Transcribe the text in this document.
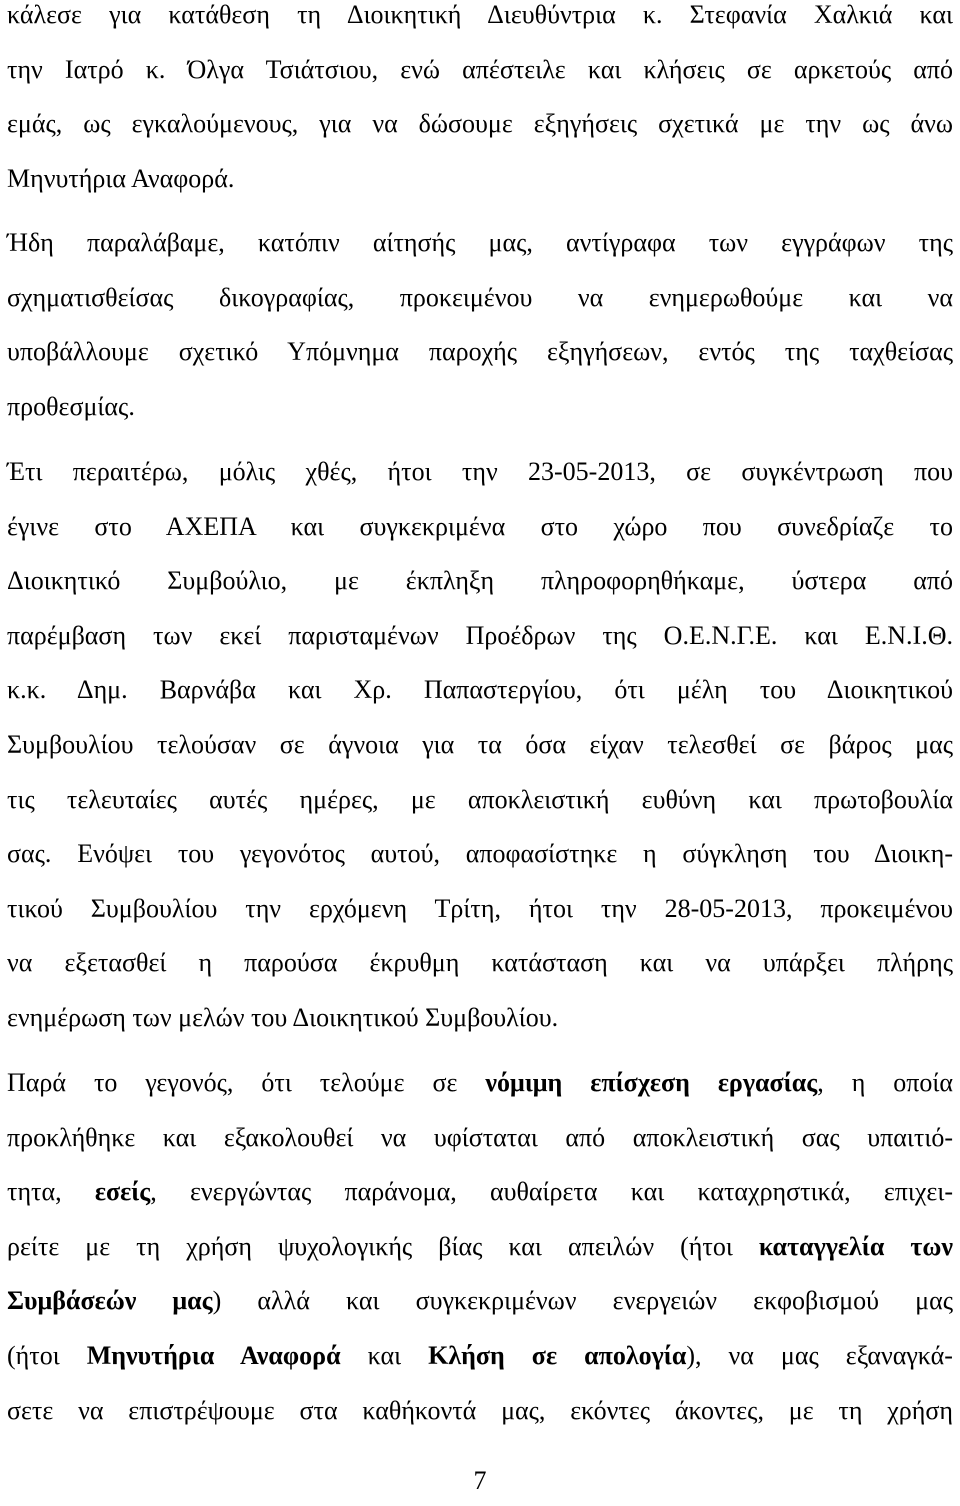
κάλεσε για κατάθεση τη Διοικητική Διευθύντρια κ. Στεφανία Χαλκιά και
την Ιατρό κ. Όλγα Τσιάτσιου, ενώ απέστειλε και κλήσεις σε αρκετούς από
εμάς, ως εγκαλούμενους, για να δώσουμε εξηγήσεις σχετικά με την ως άνω
Μηνυτήρια Αναφορά.
Ήδη παραλάβαμε, κατόπιν αίτησής μας, αντίγραφα των εγγράφων της
σχηματισθείσας δικογραφίας, προκειμένου να ενημερωθούμε και να
υποβάλλουμε σχετικό Υπόμνημα παροχής εξηγήσεων, εντός της ταχθείσας
προθεσμίας.
Έτι περαιτέρω, μόλις χθές, ήτοι την 23-05-2013, σε συγκέντρωση που
έγινε στο ΑΧΕΠΑ και συγκεκριμένα στο χώρο που συνεδρίαζε το
Διοικητικό Συμβούλιο, με έκπληξη πληροφορηθήκαμε, ύστερα από
παρέμβαση των εκεί παρισταμένων Προέδρων της Ο.Ε.Ν.Γ.Ε. και Ε.Ν.Ι.Θ.
κ.κ. Δημ. Βαρνάβα και Χρ. Παπαστεργίου, ότι μέλη του Διοικητικού
Συμβουλίου τελούσαν σε άγνοια για τα όσα είχαν τελεσθεί σε βάρος μας
τις τελευταίες αυτές ημέρες, με αποκλειστική ευθύνη και πρωτοβουλία
σας. Ενόψει του γεγονότος αυτού, αποφασίστηκε η σύγκληση του Διοικη-
τικού Συμβουλίου την ερχόμενη Τρίτη, ήτοι την 28-05-2013, προκειμένου
να εξετασθεί η παρούσα έκρυθμη κατάσταση και να υπάρξει πλήρης
ενημέρωση των μελών του Διοικητικού Συμβουλίου.
Παρά το γεγονός, ότι τελούμε σε νόμιμη επίσχεση εργασίας, η οποία
προκλήθηκε και εξακολουθεί να υφίσταται από αποκλειστική σας υπαιτιό-
τητα, εσείς, ενεργώντας παράνομα, αυθαίρετα και καταχρηστικά, επιχει-
ρείτε με τη χρήση ψυχολογικής βίας και απειλών (ήτοι καταγγελία των
Συμβάσεών μας) αλλά και συγκεκριμένων ενεργειών εκφοβισμού μας
(ήτοι Μηνυτήρια Αναφορά και Κλήση σε απολογία), να μας εξαναγκά-
σετε να επιστρέψουμε στα καθήκοντά μας, εκόντες άκοντες, με τη χρήση
7
